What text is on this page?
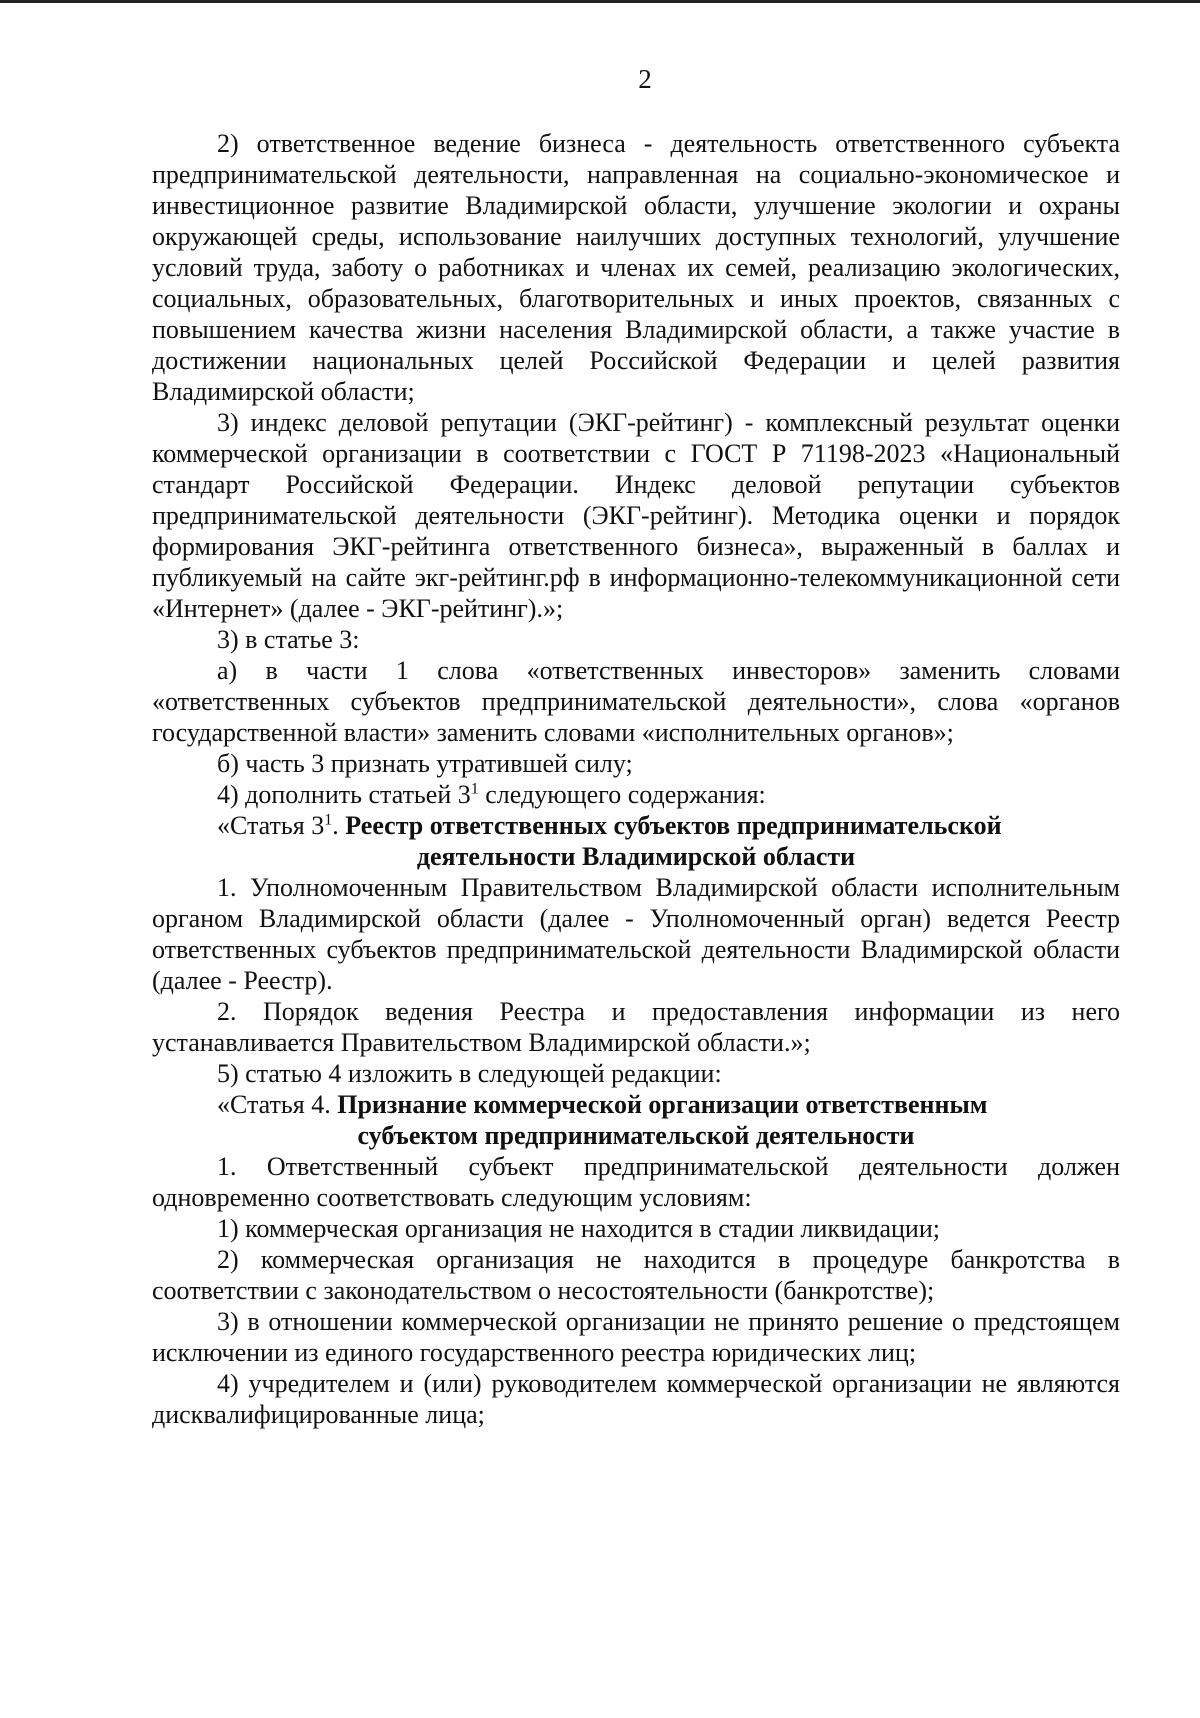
2

2) ответственное ведение бизнеса - деятельность ответственного субъекта предпринимательской деятельности, направленная на социально-экономическое и инвестиционное развитие Владимирской области, улучшение экологии и охраны окружающей среды, использование наилучших доступных технологий, улучшение условий труда, заботу о работниках и членах их семей, реализацию экологических, социальных, образовательных, благотворительных и иных проектов, связанных с повышением качества жизни населения Владимирской области, а также участие в достижении национальных целей Российской Федерации и целей развития Владимирской области;

3) индекс деловой репутации (ЭКГ-рейтинг) - комплексный результат оценки коммерческой организации в соответствии с ГОСТ Р 71198-2023 «Национальный стандарт Российской Федерации. Индекс деловой репутации субъектов предпринимательской деятельности (ЭКГ-рейтинг). Методика оценки и порядок формирования ЭКГ-рейтинга ответственного бизнеса», выраженный в баллах и публикуемый на сайте экг-рейтинг.рф в информационно-телекоммуникационной сети «Интернет» (далее - ЭКГ-рейтинг).»;

3) в статье 3:

а) в части 1 слова «ответственных инвесторов» заменить словами «ответственных субъектов предпринимательской деятельности», слова «органов государственной власти» заменить словами «исполнительных органов»;

б) часть 3 признать утратившей силу;

4) дополнить статьей $3^1$ следующего содержания:

«Статья $3^1$. Реестр ответственных субъектов предпринимательской

деятельности Владимирской области

1. Уполномоченным Правительством Владимирской области исполнительным органом Владимирской области (далее - Уполномоченный орган) ведется Реестр ответственных субъектов предпринимательской деятельности Владимирской области (далее - Реестр).

2. Порядок ведения Реестра и предоставления информации из него устанавливается Правительством Владимирской области.»;

5) статью 4 изложить в следующей редакции:

«Статья 4. Признание коммерческой организации ответственным

субъектом предпринимательской деятельности

1. Ответственный субъект предпринимательской деятельности должен одновременно соответствовать следующим условиям:

1) коммерческая организация не находится в стадии ликвидации;

2) коммерческая организация не находится в процедуре банкротства в соответствии с законодательством о несостоятельности (банкротстве);

3) в отношении коммерческой организации не принято решение о предстоящем исключении из единого государственного реестра юридических лиц;

4) учредителем и (или) руководителем коммерческой организации не являются дисквалифицированные лица;
